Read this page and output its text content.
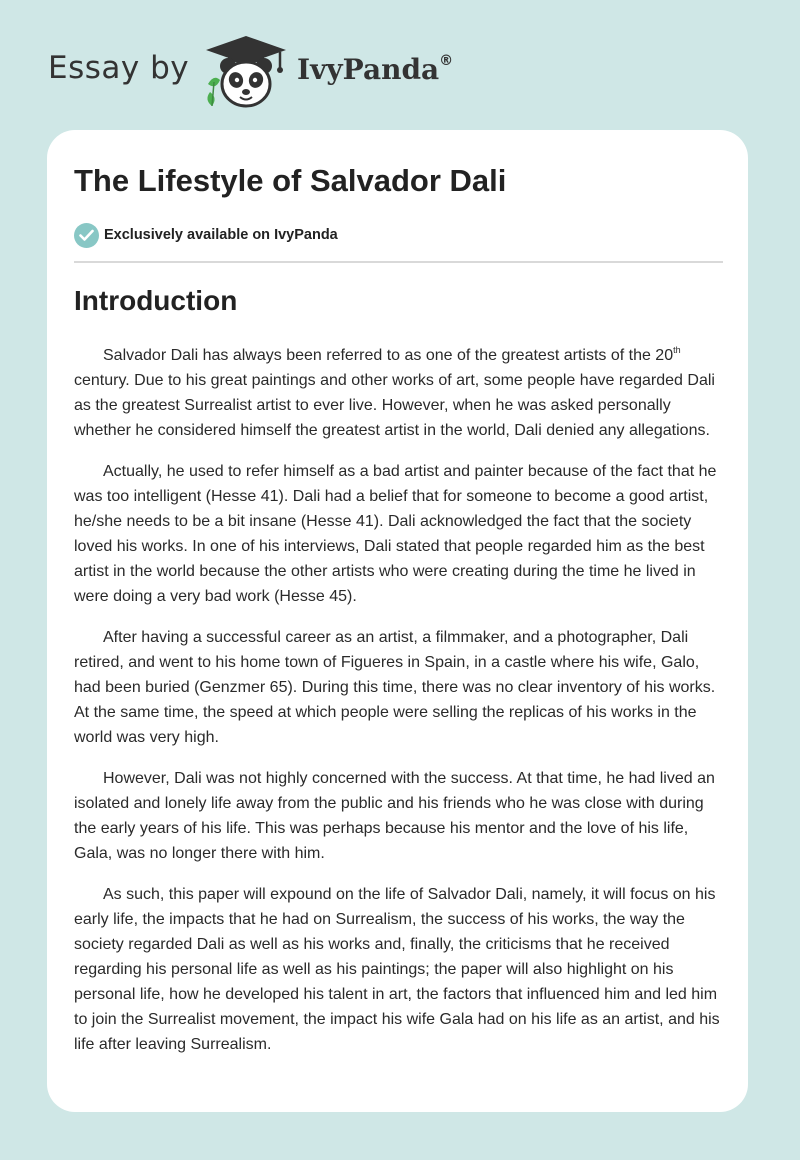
Essay by	IvyPanda®
The Lifestyle of Salvador Dali
Exclusively available on IvyPanda
Introduction

Salvador Dali has always been referred to as one of the greatest artists of the 20th century. Due to his great paintings and other works of art, some people have regarded Dali as the greatest Surrealist artist to ever live. However, when he was asked personally whether he considered himself the greatest artist in the world, Dali denied any allegations.

Actually, he used to refer himself as a bad artist and painter because of the fact that he was too intelligent (Hesse 41). Dali had a belief that for someone to become a good artist, he/she needs to be a bit insane (Hesse 41). Dali acknowledged the fact that the society loved his works. In one of his interviews, Dali stated that people regarded him as the best artist in the world because the other artists who were creating during the time he lived in were doing a very bad work (Hesse 45).

After having a successful career as an artist, a filmmaker, and a photographer, Dali retired, and went to his home town of Figueres in Spain, in a castle where his wife, Galo, had been buried (Genzmer 65). During this time, there was no clear inventory of his works. At the same time, the speed at which people were selling the replicas of his works in the world was very high.

However, Dali was not highly concerned with the success. At that time, he had lived an isolated and lonely life away from the public and his friends who he was close with during the early years of his life. This was perhaps because his mentor and the love of his life, Gala, was no longer there with him.

As such, this paper will expound on the life of Salvador Dali, namely, it will focus on his early life, the impacts that he had on Surrealism, the success of his works, the way the society regarded Dali as well as his works and, finally, the criticisms that he received regarding his personal life as well as his paintings; the paper will also highlight on his personal life, how he developed his talent in art, the factors that influenced him and led him to join the Surrealist movement, the impact his wife Gala had on his life as an artist, and his life after leaving Surrealism.
